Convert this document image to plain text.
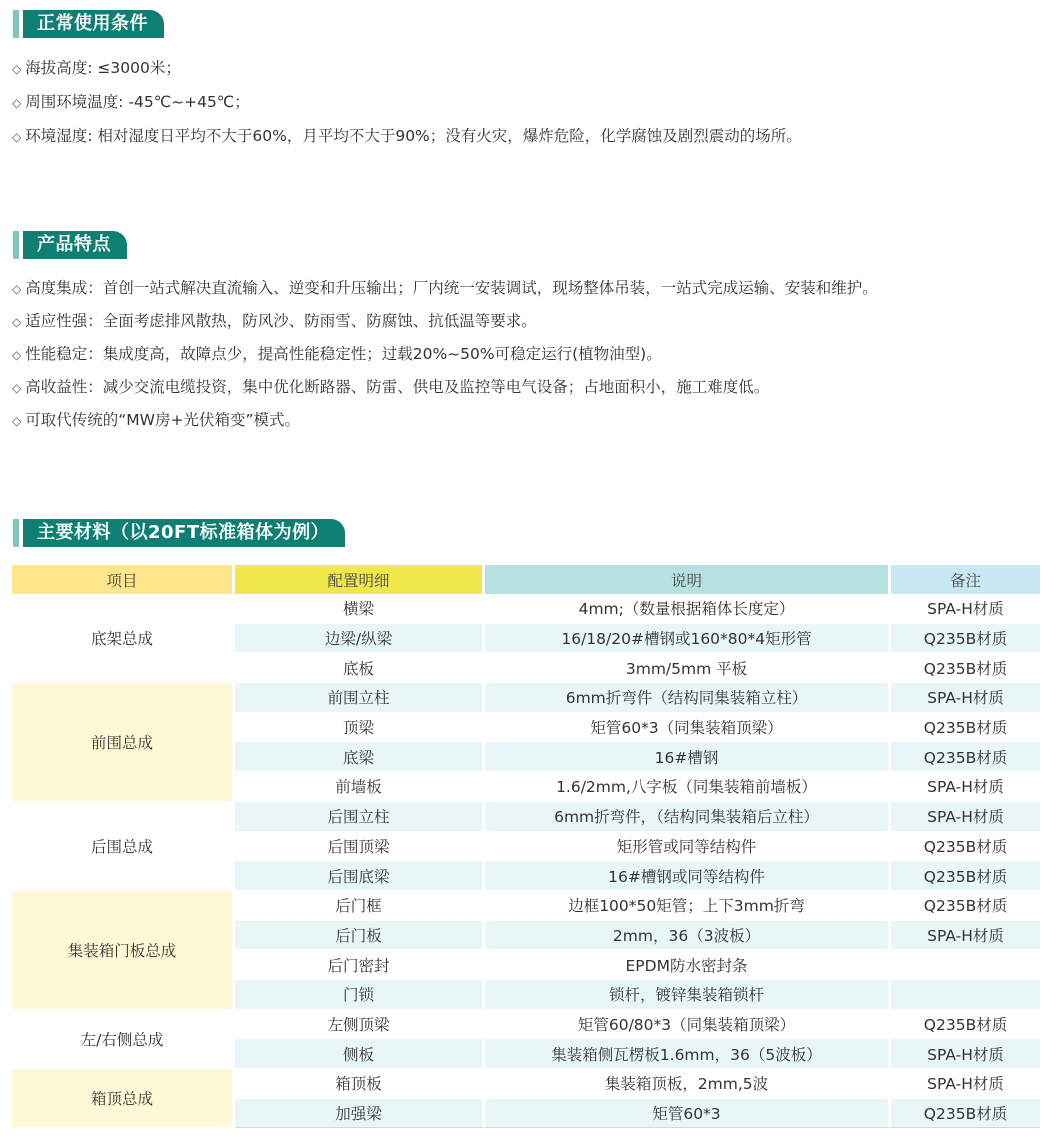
正常使用条件
◇ 海拔高度: ≤3000米；
◇ 周围环境温度: -45℃~+45℃；
◇ 环境湿度: 相对湿度日平均不大于60%，月平均不大于90%；没有火灾，爆炸危险，化学腐蚀及剧烈震动的场所。
产品特点
◇ 高度集成：首创一站式解决直流输入、逆变和升压输出；厂内统一安装调试，现场整体吊装，一站式完成运输、安装和维护。
◇ 适应性强：全面考虑排风散热，防风沙、防雨雪、防腐蚀、抗低温等要求。
◇ 性能稳定：集成度高，故障点少，提高性能稳定性；过载20%~50%可稳定运行(植物油型)。
◇ 高收益性：减少交流电缆投资，集中优化断路器、防雷、供电及监控等电气设备；占地面积小，施工难度低。
◇ 可取代传统的“MW房+光伏箱变”模式。
主要材料（以20FT标准箱体为例）
项目	配置明细	说明	备注
底架总成	横梁	4mm;（数量根据箱体长度定）	SPA-H材质
	边梁/纵梁	16/18/20#槽钢或160*80*4矩形管	Q235B材质
	底板	3mm/5mm 平板	Q235B材质
前围总成	前围立柱	6mm折弯件（结构同集装箱立柱）	SPA-H材质
	顶梁	矩管60*3（同集装箱顶梁）	Q235B材质
	底梁	16#槽钢	Q235B材质
	前墙板	1.6/2mm,八字板（同集装箱前墙板）	SPA-H材质
后围总成	后围立柱	6mm折弯件，（结构同集装箱后立柱）	SPA-H材质
	后围顶梁	矩形管或同等结构件	Q235B材质
	后围底梁	16#槽钢或同等结构件	Q235B材质
集装箱门板总成	后门框	边框100*50矩管；上下3mm折弯	Q235B材质
	后门板	2mm，36（3波板）	SPA-H材质
	后门密封	EPDM防水密封条	
	门锁	锁杆，镀锌集装箱锁杆	
左/右侧总成	左侧顶梁	矩管60/80*3（同集装箱顶梁）	Q235B材质
	侧板	集装箱侧瓦楞板1.6mm，36（5波板）	SPA-H材质
箱顶总成	箱顶板	集装箱顶板，2mm,5波	SPA-H材质
	加强梁	矩管60*3	Q235B材质
